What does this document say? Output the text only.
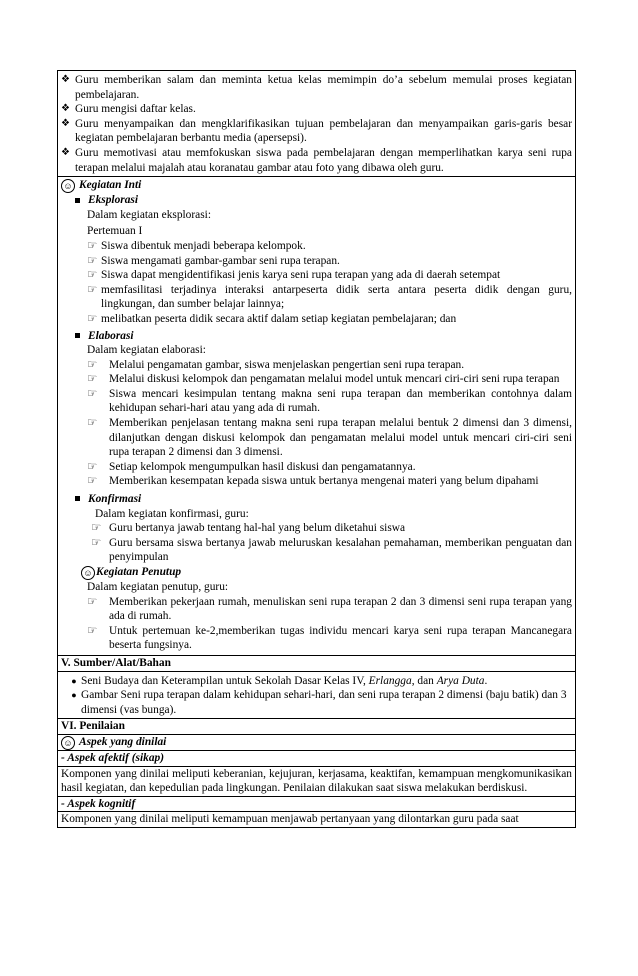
❖ Guru memberikan salam dan meminta ketua kelas memimpin do’a sebelum memulai proses kegiatan pembelajaran.
❖ Guru mengisi daftar kelas.
❖ Guru menyampaikan dan mengklarifikasikan tujuan pembelajaran dan menyampaikan garis-garis besar kegiatan pembelajaran berbantu media (apersepsi).
❖ Guru memotivasi atau memfokuskan siswa pada pembelajaran dengan memperlihatkan karya seni rupa terapan melalui majalah atau koranatau gambar atau foto yang dibawa oleh guru.

☺ Kegiatan Inti
Eksplorasi
Dalam kegiatan eksplorasi:
Pertemuan I
☞ Siswa dibentuk menjadi beberapa kelompok.
☞ Siswa mengamati gambar-gambar seni rupa terapan.
☞ Siswa dapat mengidentifikasi jenis karya seni rupa terapan yang ada di daerah setempat
☞ memfasilitasi terjadinya interaksi antarpeserta didik serta antara peserta didik dengan guru, lingkungan, dan sumber belajar lainnya;
☞ melibatkan peserta didik secara aktif dalam setiap kegiatan pembelajaran; dan
Elaborasi
Dalam kegiatan elaborasi:
☞	Melalui pengamatan gambar, siswa menjelaskan pengertian seni rupa terapan.
☞	Melalui diskusi kelompok dan pengamatan melalui model untuk mencari ciri-ciri seni rupa terapan
☞	Siswa mencari kesimpulan tentang makna seni rupa terapan dan memberikan contohnya dalam kehidupan sehari-hari atau yang ada di rumah.
☞	Memberikan penjelasan tentang makna seni rupa terapan melalui bentuk 2 dimensi dan 3 dimensi, dilanjutkan dengan diskusi kelompok dan pengamatan melalui model untuk mencari ciri-ciri seni rupa terapan 2 dimensi dan 3 dimensi.
☞	Setiap kelompok mengumpulkan hasil diskusi dan pengamatannya.
☞	Memberikan kesempatan kepada siswa untuk bertanya mengenai materi yang belum dipahami
Konfirmasi
Dalam kegiatan konfirmasi, guru:
☞ Guru bertanya jawab tentang hal-hal yang belum diketahui siswa
☞ Guru bersama siswa bertanya jawab meluruskan kesalahan pemahaman, memberikan penguatan dan penyimpulan
☺ Kegiatan Penutup
Dalam kegiatan penutup, guru:
☞	Memberikan pekerjaan rumah, menuliskan seni rupa terapan 2 dan 3 dimensi seni rupa terapan yang ada di rumah.
☞	Untuk pertemuan ke-2,memberikan tugas individu mencari karya seni rupa terapan Mancanegara beserta fungsinya.

V. Sumber/Alat/Bahan

● Seni Budaya dan Keterampilan untuk Sekolah Dasar Kelas IV, Erlangga, dan Arya Duta.
● Gambar Seni rupa terapan dalam kehidupan sehari-hari, dan seni rupa terapan 2 dimensi (baju batik) dan 3 dimensi (vas bunga).

VI. Penilaian
☺ Aspek yang dinilai
- Aspek afektif (sikap)
Komponen yang dinilai meliputi keberanian, kejujuran, kerjasama, keaktifan, kemampuan mengkomunikasikan hasil kegiatan, dan kepedulian pada lingkungan. Penilaian dilakukan saat siswa melakukan berdiskusi.
- Aspek kognitif
Komponen yang dinilai meliputi kemampuan menjawab pertanyaan yang dilontarkan guru pada saat
